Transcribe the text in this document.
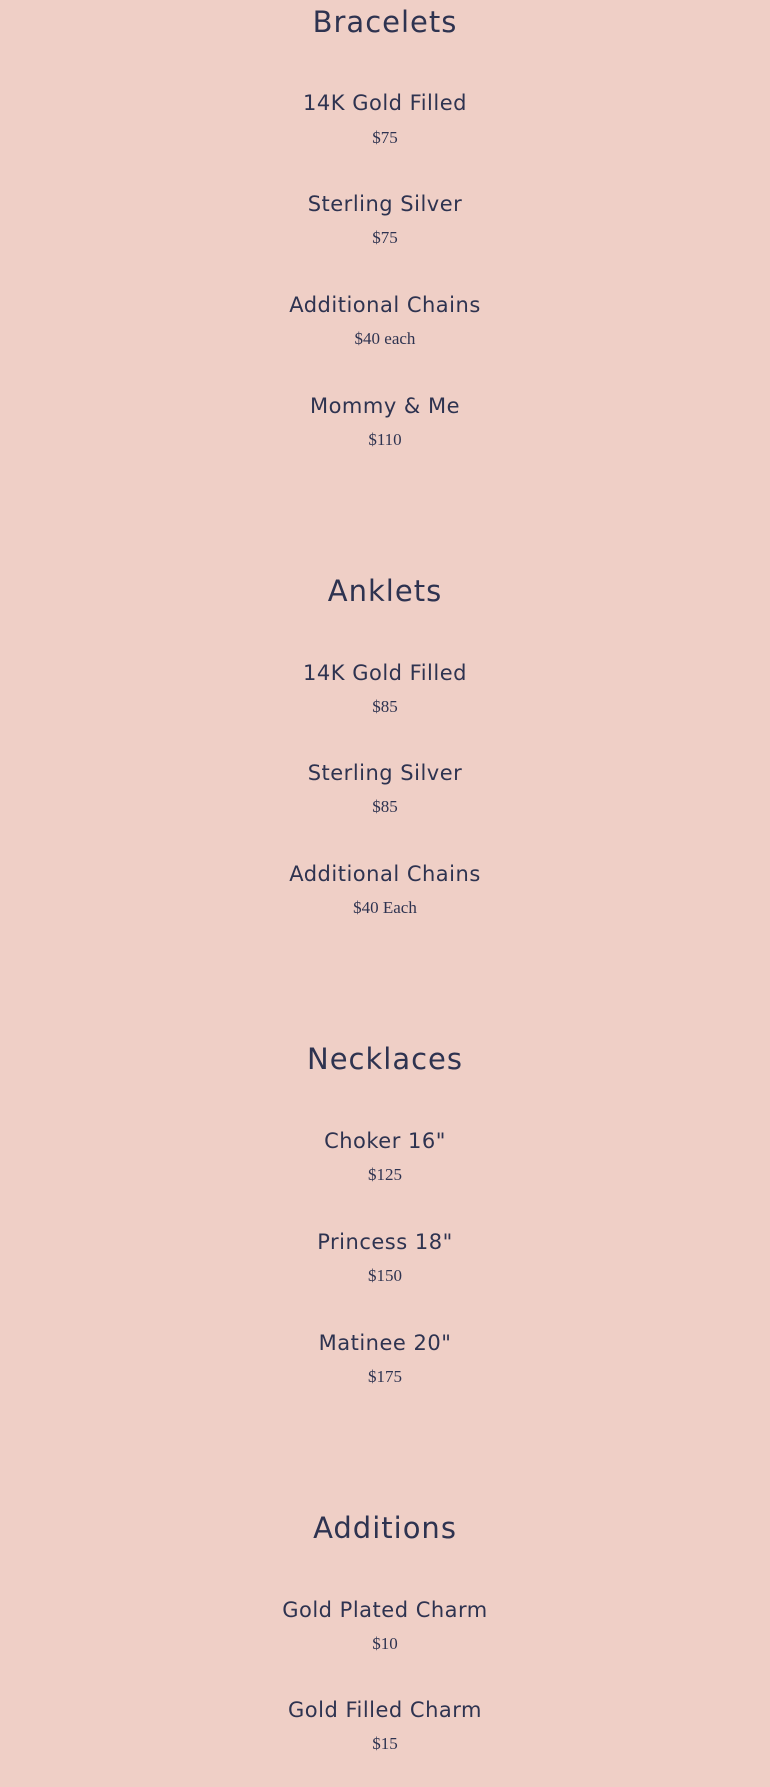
Bracelets
14K Gold Filled
$75
Sterling Silver
$75
Additional Chains
$40 each
Mommy & Me
$110
Anklets
14K Gold Filled
$85
Sterling Silver
$85
Additional Chains
$40 Each
Necklaces
Choker 16"
$125
Princess 18"
$150
Matinee 20"
$175
Additions
Gold Plated Charm
$10
Gold Filled Charm
$15
